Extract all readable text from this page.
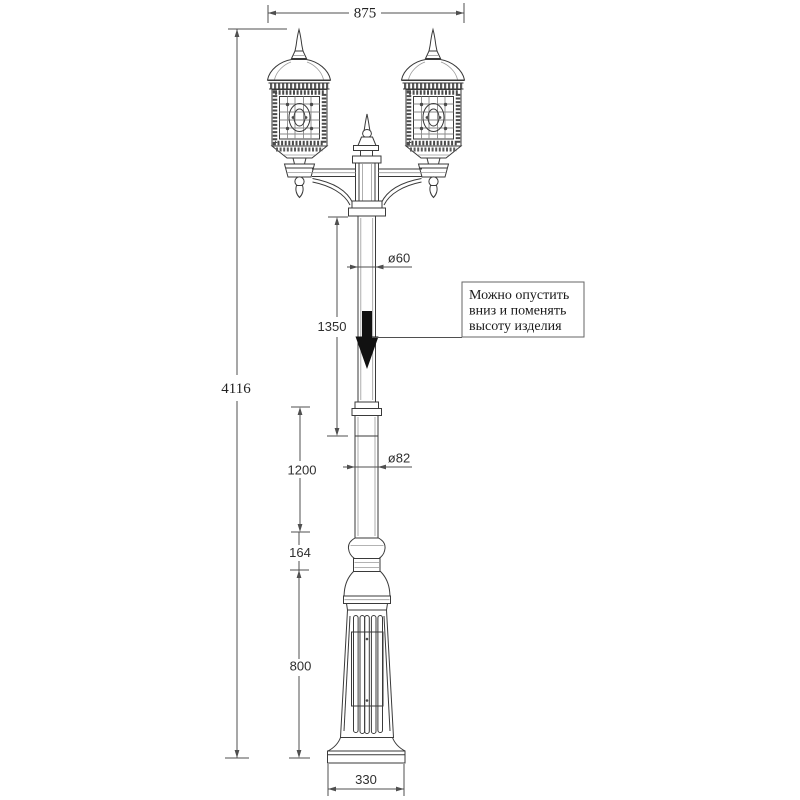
875
4116
1350
ø60
Можно опустить
вниз и поменять
высоту изделия
1200
ø82
164
800
330
